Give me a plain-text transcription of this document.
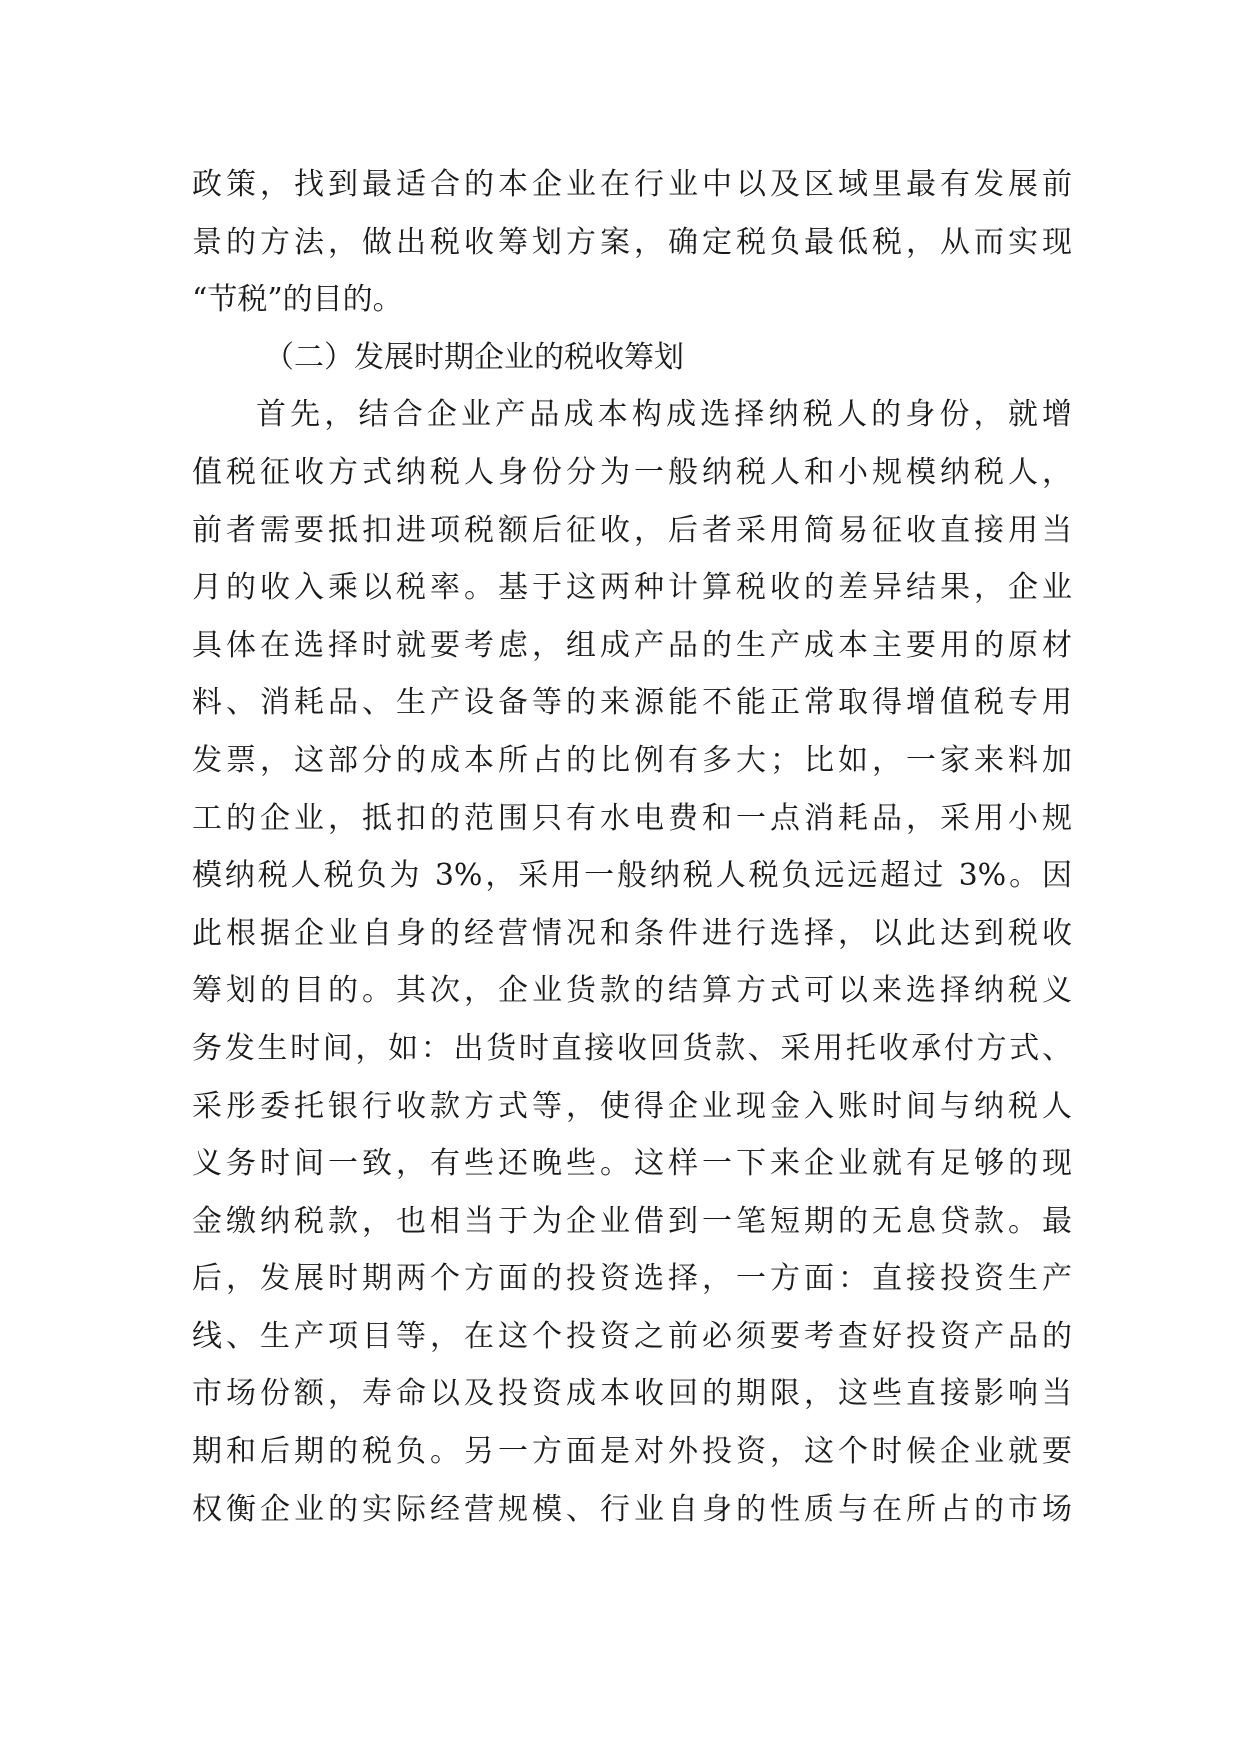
政策，找到最适合的本企业在行业中以及区域里最有发展前
景的方法，做出税收筹划方案，确定税负最低税，从而实现
“节税”的目的。
（二）发展时期企业的税收筹划
首先，结合企业产品成本构成选择纳税人的身份，就增
值税征收方式纳税人身份分为一般纳税人和小规模纳税人，
前者需要抵扣进项税额后征收，后者采用简易征收直接用当
月的收入乘以税率。基于这两种计算税收的差异结果，企业
具体在选择时就要考虑，组成产品的生产成本主要用的原材
料、消耗品、生产设备等的来源能不能正常取得增值税专用
发票，这部分的成本所占的比例有多大；比如，一家来料加
工的企业，抵扣的范围只有水电费和一点消耗品，采用小规
模纳税人税负为 3%，采用一般纳税人税负远远超过 3%。因
此根据企业自身的经营情况和条件进行选择，以此达到税收
筹划的目的。其次，企业货款的结算方式可以来选择纳税义
务发生时间，如：出货时直接收回货款、采用托收承付方式、
采彤委托银行收款方式等，使得企业现金入账时间与纳税人
义务时间一致，有些还晚些。这样一下来企业就有足够的现
金缴纳税款，也相当于为企业借到一笔短期的无息贷款。最
后，发展时期两个方面的投资选择，一方面：直接投资生产
线、生产项目等，在这个投资之前必须要考查好投资产品的
市场份额，寿命以及投资成本收回的期限，这些直接影响当
期和后期的税负。另一方面是对外投资，这个时候企业就要
权衡企业的实际经营规模、行业自身的性质与在所占的市场
